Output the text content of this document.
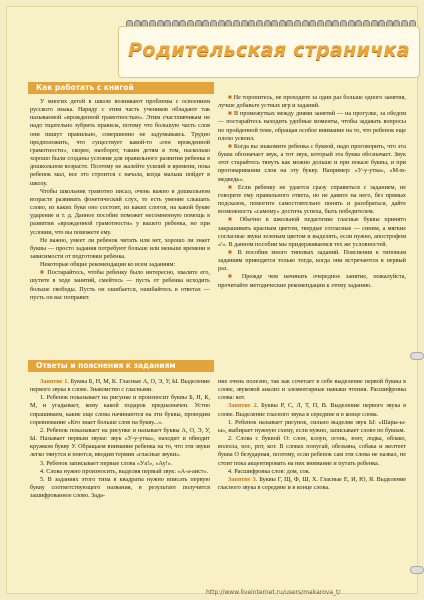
Родительская страничка
Как работать с книгой

У многих детей в школе возникают проблемы с освоением русского языка. Наряду с этим часть учеников обладают так называемой «врожденной грамотностью». Этим счастливчикам не надо тщательно зубрить правила, потому что большую часть слов они пишут правильно, совершенно не задумываясь. Трудно предположить, что существует какой-то «ген врожденной грамотности», скорее, наоборот, таким детям в том, насколько хорошо были созданы условия для правильного развития ребенка в дошкольном возрасте. Поэтому не жалейте усилий и времени, пока ребенок мал, все это строится с начала, когда малыш пойдет в школу.

Чтобы школьник грамотно писал, очень важно в дошкольном возрасте развивать фонетический слух, то есть умение слышать слово, из каких букв оно состоит, из каких слогов, на какой букве ударение и т. д. Данное пособие поможет несомненную помощь в развитии «врожденной грамотности» у вашего ребенка, но при условии, что вы поможете ему.

Не важно, умеет ли ребенок читать или нет, хорошо ли знает буквы — просто задания потребуют больше или меньше времени в зависимости от подготовки ребенка.

Некоторые общие рекомендации ко всем заданиям:

■ Постарайтесь, чтобы ребенку было интересно, хвалите его, шутите в ходе занятий, смейтесь — пусть от ребенка исходить больше свободы. Пусть он ошибается, ошибайтесь в ответах — пусть он вас поправит.

■ Не торопитесь, не проходите за один раз больше одного занятия, лучше добавьте устных игр и заданий.

■ В промежутках между днями занятий — на прогулке, за обедом — постарайтесь находить удобные моменты, чтобы задавать вопросы по пройденной теме, обращая особое внимание на то, что ребенок еще плохо усвоил.

■ Когда вы знакомите ребенка с буквой, надо проговорить, что эта буква обозначает звук, а тот звук, который эта буква обозначает. Звук этот старайтесь тянуть как можно дольше и при показе буквы, и при проговаривании слов на эту букву. Например: «У-у-утка», «М-м-медведь».

■ Если ребенку не удается сразу справиться с заданием, не говорите ему правильного ответа, но не давите на него, без прямых подсказок, помогите самостоятельно понять и разобраться, дайте возможность «самому» достичь успеха, быть победителем.

■ Обычно в школьной педагогике гласные буквы принято закрашивать красным цветом, твердые согласные — синим, а мягкие согласные звуки зеленым цветом и выделять, если нужно, апострофом «'». В данном пособии мы придерживаемся тех же условностей.

■ В пособии много типовых заданий. Пояснения к типовым заданиям приводятся только тогда, когда они встречаются в первый раз.

■ Прежде чем начинать очередное занятие, пожалуйста, прочитайте методические рекомендации к этому заданию.

Ответы и пояснения к заданиям

Занятие 1. Буквы Б, Н, М, К. Гласные А, О, Э, У, Ы. Выделение первого звука в слове. Знакомство с гласными.

1. Ребенок показывает на рисунке и произносит буквы Б, Н, К, М, и угадывает, кому какой подарок предназначен. Устно спрашиваем, какие еще слова начинаются на эти буквы, проводим соревнование «Кто знает больше слов на букву...».

2. Ребенок показывает на рисунке и называет буквы А, О, Э, У, Ы. Называет первым звуки: звук «У-у-утка», находит и обводит кружком букву У. Обращаем внимание ребенка на то, что эти звуки легко тянутся и поются, вводим термин «гласные звуки».

3. Ребенок записывает первые слова «Уа!», «Ау!».

4. Слова нужно произносить, выделяя первый звук: «А-а-аист».

5. В заданиях этого типа в квадраты нужно вписать первую букву соответствующего названия, в результате получится зашифрованное слово. Зада-

ние очень полезно, так как сочетает в себе выделение первой буквы в слове, звуковой анализ и элементарные навыки чтения. Расшифровка слова: кот.

Занятие 2. Буквы Р, С, Л, Т, П, В. Выделение первого звука в слове. Выделение гласного звука в середине и в конце слова.

1. Ребенок называет рисунок, сильно выделяя звук Ы: «Шары-ы-ы», выбирает нужную схему, если нужно, записывает слово по буквам.

2. Слова с буквой О: слон, клоун, огонь, зонт, лодка, облако, волосы, нос, рот, кот. В словах попугай, обезьяна, собака и желтеет буква О безударная, поэтому, если ребенок сам эти слова не назвал, не стоит пока акцентировать на них внимание и путать ребенка.

4. Расшифровка слов: дом, сок.

Занятие 3. Буквы Г, Щ, Ф, Ш, Х. Гласные Е, И, Ю, Я. Выделение гласного звука в середине и в конце слова.

http://www.liveinternet.ru/users/makarova_t/
